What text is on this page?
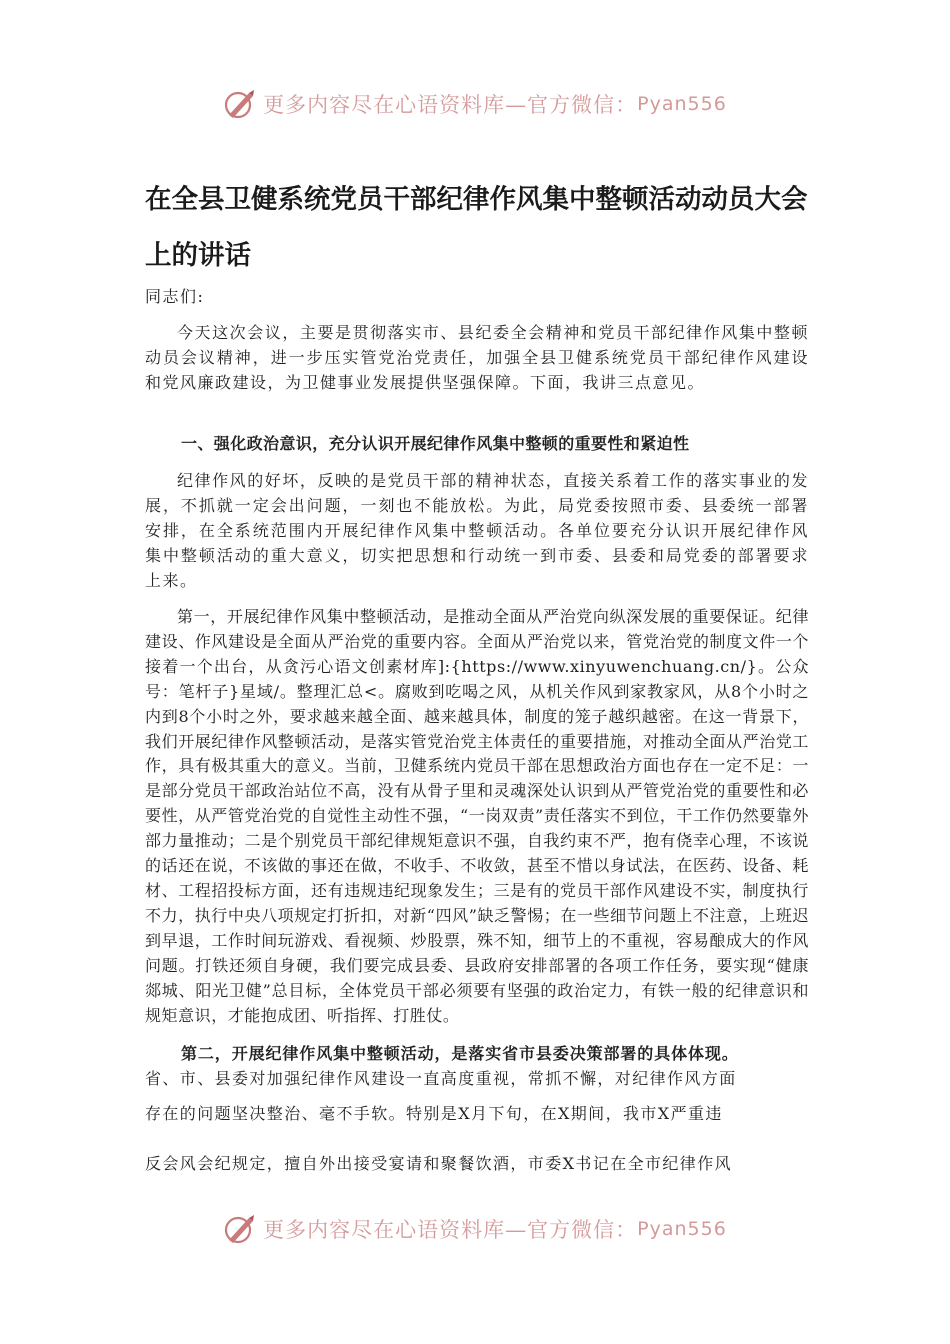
更多内容尽在心语资料库—官方微信： Pyan556
在全县卫健系统党员干部纪律作风集中整顿活动动员大会上的讲话

同志们:

今天这次会议，主要是贯彻落实市、县纪委全会精神和党员干部纪律作风集中整顿动员会议精神，进一步压实管党治党责任，加强全县卫健系统党员干部纪律作风建设和党风廉政建设，为卫健事业发展提供坚强保障。下面，我讲三点意见。

一、强化政治意识，充分认识开展纪律作风集中整顿的重要性和紧迫性

纪律作风的好坏，反映的是党员干部的精神状态，直接关系着工作的落实事业的发展，不抓就一定会出问题，一刻也不能放松。为此，局党委按照市委、县委统一部署安排，在全系统范围内开展纪律作风集中整顿活动。各单位要充分认识开展纪律作风集中整顿活动的重大意义，切实把思想和行动统一到市委、县委和局党委的部署要求上来。

第一，开展纪律作风集中整顿活动，是推动全面从严治党向纵深发展的重要保证。纪律建设、作风建设是全面从严治党的重要内容。全面从严治党以来，管党治党的制度文件一个接着一个出台，从贪污心语文创素材库]:{https://www.xinyuwenchuang.cn/}。公众号：笔杆子}星域/。整理汇总<。腐败到吃喝之风，从机关作风到家教家风，从8个小时之内到8个小时之外，要求越来越全面、越来越具体，制度的笼子越织越密。在这一背景下，我们开展纪律作风整顿活动，是落实管党治党主体责任的重要措施，对推动全面从严治党工作，具有极其重大的意义。当前，卫健系统内党员干部在思想政治方面也存在一定不足：一是部分党员干部政治站位不高，没有从骨子里和灵魂深处认识到从严管党治党的重要性和必要性，从严管党治党的自觉性主动性不强，“一岗双责”责任落实不到位，干工作仍然要靠外部力量推动；二是个别党员干部纪律规矩意识不强，自我约束不严，抱有侥幸心理，不该说的话还在说，不该做的事还在做，不收手、不收敛，甚至不惜以身试法，在医药、设备、耗材、工程招投标方面，还有违规违纪现象发生；三是有的党员干部作风建设不实，制度执行不力，执行中央八项规定打折扣，对新“四风”缺乏警惕；在一些细节问题上不注意，上班迟到早退，工作时间玩游戏、看视频、炒股票，殊不知，细节上的不重视，容易酿成大的作风问题。打铁还须自身硬，我们要完成县委、县政府安排部署的各项工作任务，要实现“健康郯城、阳光卫健”总目标，全体党员干部必须要有坚强的政治定力，有铁一般的纪律意识和规矩意识，才能抱成团、听指挥、打胜仗。

第二，开展纪律作风集中整顿活动，是落实省市县委决策部署的具体体现。

省、市、县委对加强纪律作风建设一直高度重视，常抓不懈，对纪律作风方面

存在的问题坚决整治、毫不手软。特别是X月下旬，在X期间，我市X严重违

反会风会纪规定，擅自外出接受宴请和聚餐饮酒，市委X书记在全市纪律作风

更多内容尽在心语资料库—官方微信： Pyan556
